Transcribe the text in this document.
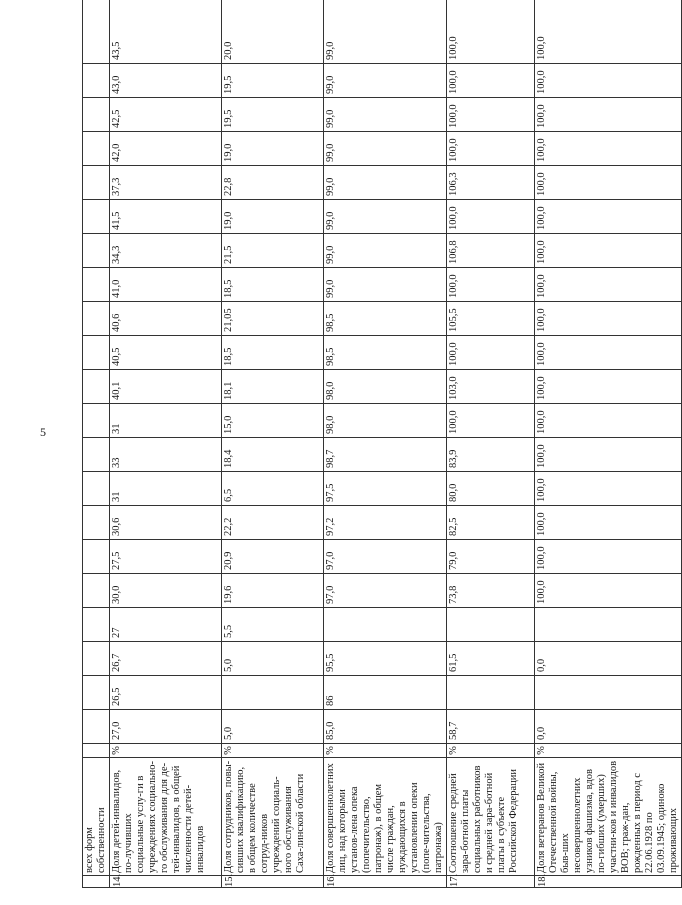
5
	всех форм собственности																							
14.	Доля детей-инвалидов, по-лучивших социальные услу-ги в учреждениях социально-го обслуживания для де-тей-инвалидов, в общей численности детей-инвалидов	%	27,0	26,5	26,7	27	30,0	27,5	30,6	31	33	31	40,1	40,5	40,6	41,0	34,3	41,5	37,3	42,0	42,5	43,0	43,5	
15.	Доля сотрудников, повы-сивших квалификацию, в общем количестве сотруд-ников учреждений социаль-ного обслуживания Саха-линской области	%	5,0		5,0	5,5	19,6	20,9	22,2	6,5	18,4	15,0	18,1	18,5	21,05	18,5	21,5	19,0	22,8	19,0	19,5	19,5	20,0	
16.	Доля совершеннолетних лиц, над которыми установ-лена опека (попечительство, патронаж), в общем числе граждан, нуждающихся в установлении опеки (попе-чительства, патронажа)	%	85,0	86	95,5		97,0	97,0	97,2	97,5	98,7	98,0	98,0	98,5	98,5	99,0	99,0	99,0	99,0	99,0	99,0	99,0	99,0	
17.	Соотношение средней зара-ботной платы социальных работников и средней зара-ботной платы в субъекте Российской Федерации	%	58,7		61,5		73,8	79,0	82,5	80,0	83,9	100,0	103,0	100,0	105,5	100,0	106,8	100,0	106,3	100,0	100,0	100,0	100,0	
18.	Доля ветеранов Великой Отечественной войны, быв-ших несовершеннолетних узников фашизма, вдов по-гибших (умерших) участни-ков и инвалидов ВОВ; граж-дан, рожденных в период с 22.06.1928 по 03.09.1945; одиноко проживающих	%	0,0		0,0		100,0	100,0	100,0	100,0	100,0	100,0	100,0	100,0	100,0	100,0	100,0	100,0	100,0	100,0	100,0	100,0	100,0	
